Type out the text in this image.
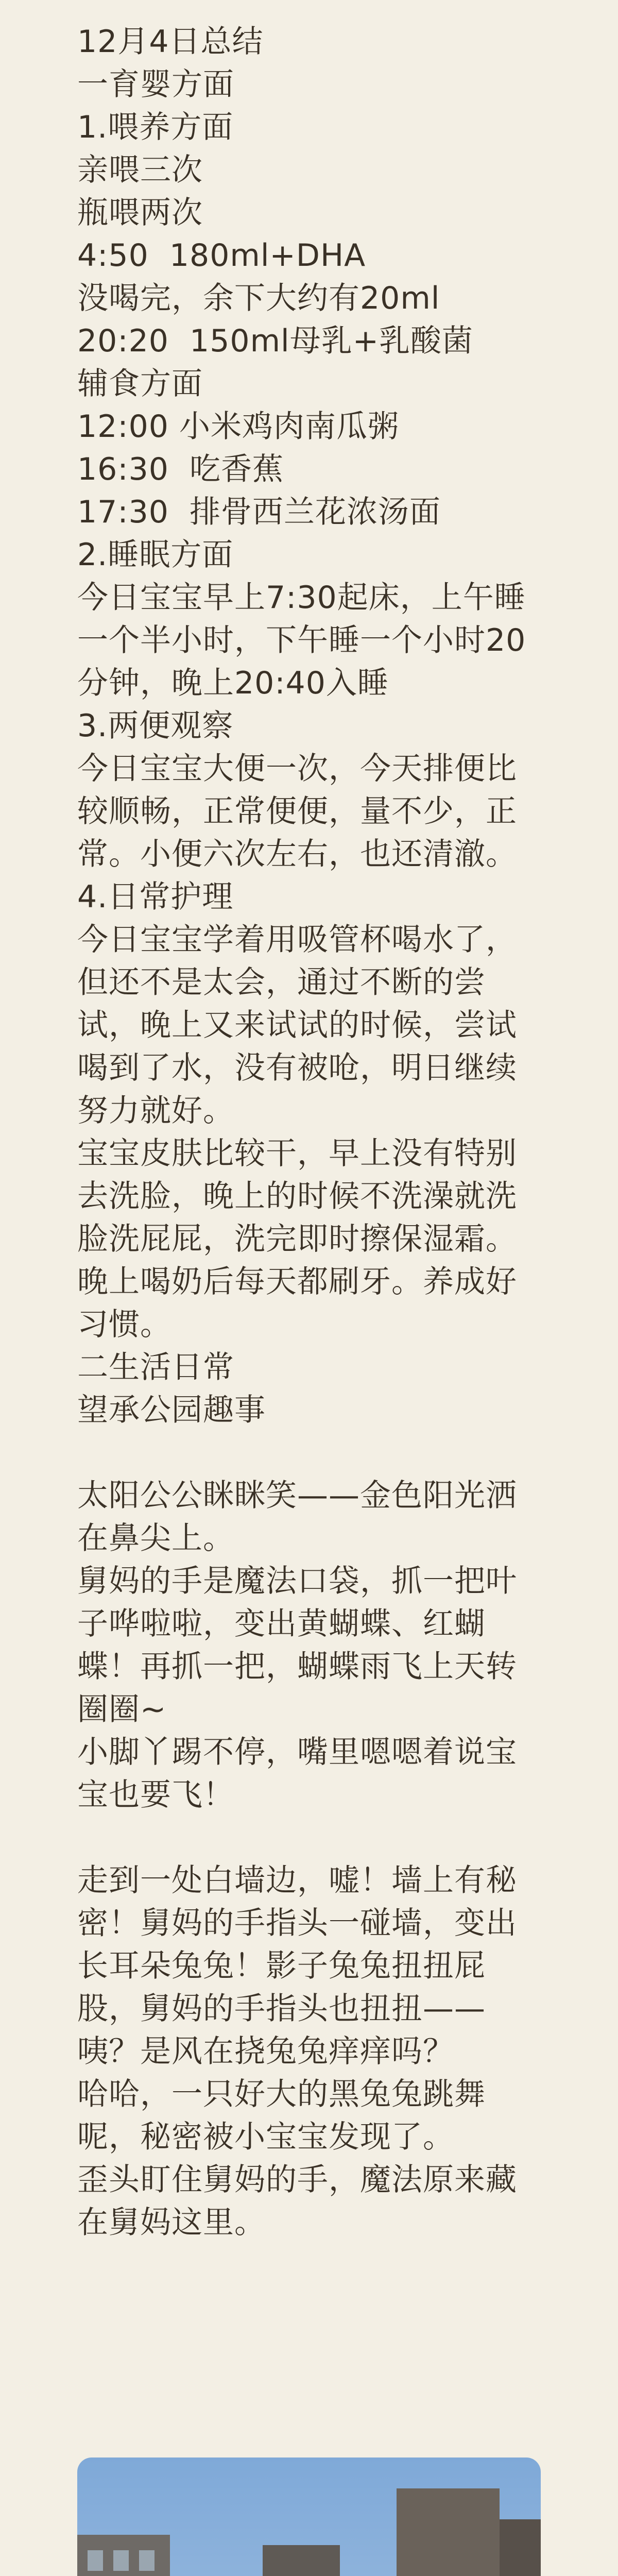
12月4日总结
一育婴方面
1.喂养方面
亲喂三次
瓶喂两次
4:50  180ml+DHA
没喝完，余下大约有20ml
20:20  150ml母乳+乳酸菌
辅食方面
12:00 小米鸡肉南瓜粥
16:30  吃香蕉
17:30  排骨西兰花浓汤面
2.睡眠方面
今日宝宝早上7:30起床，上午睡一个半小时，下午睡一个小时20分钟，晚上20:40入睡
3.两便观察
今日宝宝大便一次，今天排便比较顺畅，正常便便，量不少，正常。小便六次左右，也还清澈。
4.日常护理
今日宝宝学着用吸管杯喝水了，但还不是太会，通过不断的尝试，晚上又来试试的时候，尝试喝到了水，没有被呛，明日继续努力就好。
宝宝皮肤比较干，早上没有特别去洗脸，晚上的时候不洗澡就洗脸洗屁屁，洗完即时擦保湿霜。晚上喝奶后每天都刷牙。养成好习惯。
二生活日常
望承公园趣事
太阳公公眯眯笑——金色阳光洒在鼻尖上。
舅妈的手是魔法口袋，抓一把叶子哗啦啦，变出黄蝴蝶、红蝴蝶！再抓一把，蝴蝶雨飞上天转圈圈~
小脚丫踢不停，嘴里嗯嗯着说宝宝也要飞！
走到一处白墙边，嘘！墙上有秘密！舅妈的手指头一碰墙，变出长耳朵兔兔！影子兔兔扭扭屁股，舅妈的手指头也扭扭——咦？是风在挠兔兔痒痒吗？
哈哈，一只好大的黑兔兔跳舞呢，秘密被小宝宝发现了。
歪头盯住舅妈的手，魔法原来藏在舅妈这里。
